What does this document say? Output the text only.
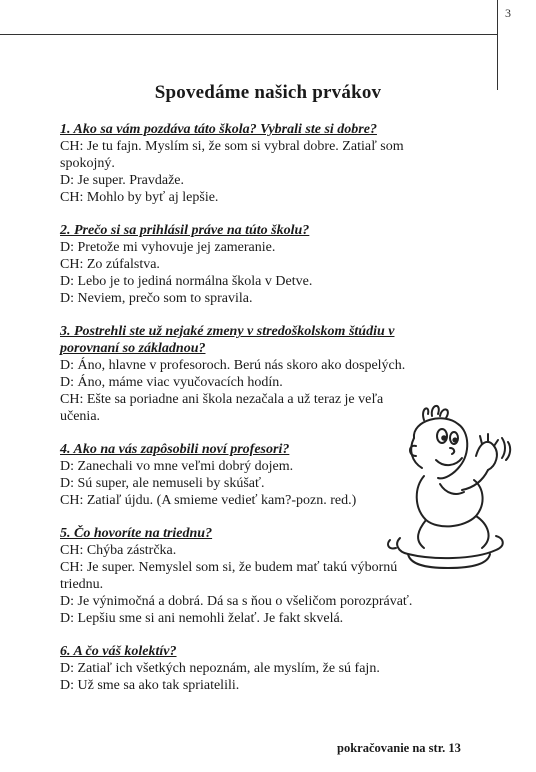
3
Spovedáme našich prvákov

1. Ako sa vám pozdáva táto škola? Vybrali ste si dobre?

CH: Je tu fajn. Myslím si, že som si vybral dobre. Zatiaľ som spokojný.

D: Je super. Pravdaže.

CH: Mohlo by byť aj lepšie.

2. Prečo si sa prihlásil práve na túto školu?

D: Pretože mi vyhovuje jej zameranie.

CH: Zo zúfalstva.

D: Lebo je to jediná normálna škola v Detve.

D: Neviem, prečo som to spravila.

3. Postrehli ste už nejaké zmeny v stredoškolskom štúdiu v porovnaní so základnou?

D: Áno, hlavne v profesoroch. Berú nás skoro ako dospelých.

D: Áno, máme viac vyučovacích hodín.

CH: Ešte sa poriadne ani škola nezačala a už teraz je veľa učenia.

4. Ako na vás zapôsobili noví profesori?

D: Zanechali vo mne veľmi dobrý dojem.

D: Sú super, ale nemuseli by skúšať.

CH: Zatiaľ újdu. (A smieme vedieť kam?-pozn. red.)

5. Čo hovoríte na triednu?

CH: Chýba zástrčka.

CH: Je super. Nemyslel som si, že budem mať takú výbornú triednu.

D: Je výnimočná a dobrá. Dá sa s ňou o všeličom porozprávať.

D: Lepšiu sme si ani nemohli želať. Je fakt skvelá.

6. A čo váš kolektív?

D: Zatiaľ ich všetkých nepoznám, ale myslím, že sú fajn.

D: Už sme sa ako tak spriatelili.

pokračovanie na str. 13
